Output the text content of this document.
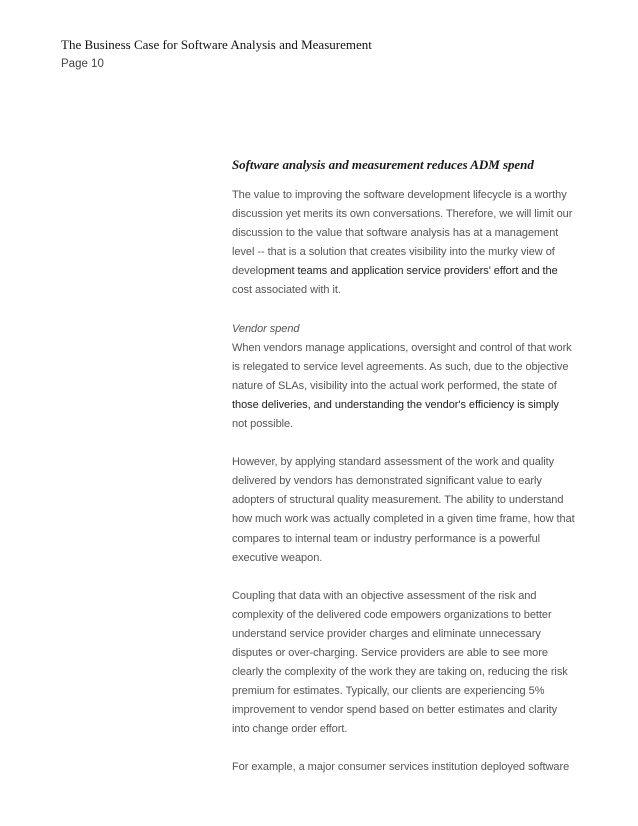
The Business Case for Software Analysis and Measurement
Page 10
Software analysis and measurement reduces ADM spend
The value to improving the software development lifecycle is a worthy
discussion yet merits its own conversations. Therefore, we will limit our
discussion to the value that software analysis has at a management
level -- that is a solution that creates visibility into the murky view of
development teams and application service providers' effort and the
cost associated with it.
Vendor spend
When vendors manage applications, oversight and control of that work
is relegated to service level agreements. As such, due to the objective
nature of SLAs, visibility into the actual work performed, the state of
those deliveries, and understanding the vendor's efficiency is simply
not possible.
However, by applying standard assessment of the work and quality
delivered by vendors has demonstrated significant value to early
adopters of structural quality measurement. The ability to understand
how much work was actually completed in a given time frame, how that
compares to internal team or industry performance is a powerful
executive weapon.
Coupling that data with an objective assessment of the risk and
complexity of the delivered code empowers organizations to better
understand service provider charges and eliminate unnecessary
disputes or over-charging. Service providers are able to see more
clearly the complexity of the work they are taking on, reducing the risk
premium for estimates. Typically, our clients are experiencing 5%
improvement to vendor spend based on better estimates and clarity
into change order effort.
For example, a major consumer services institution deployed software
